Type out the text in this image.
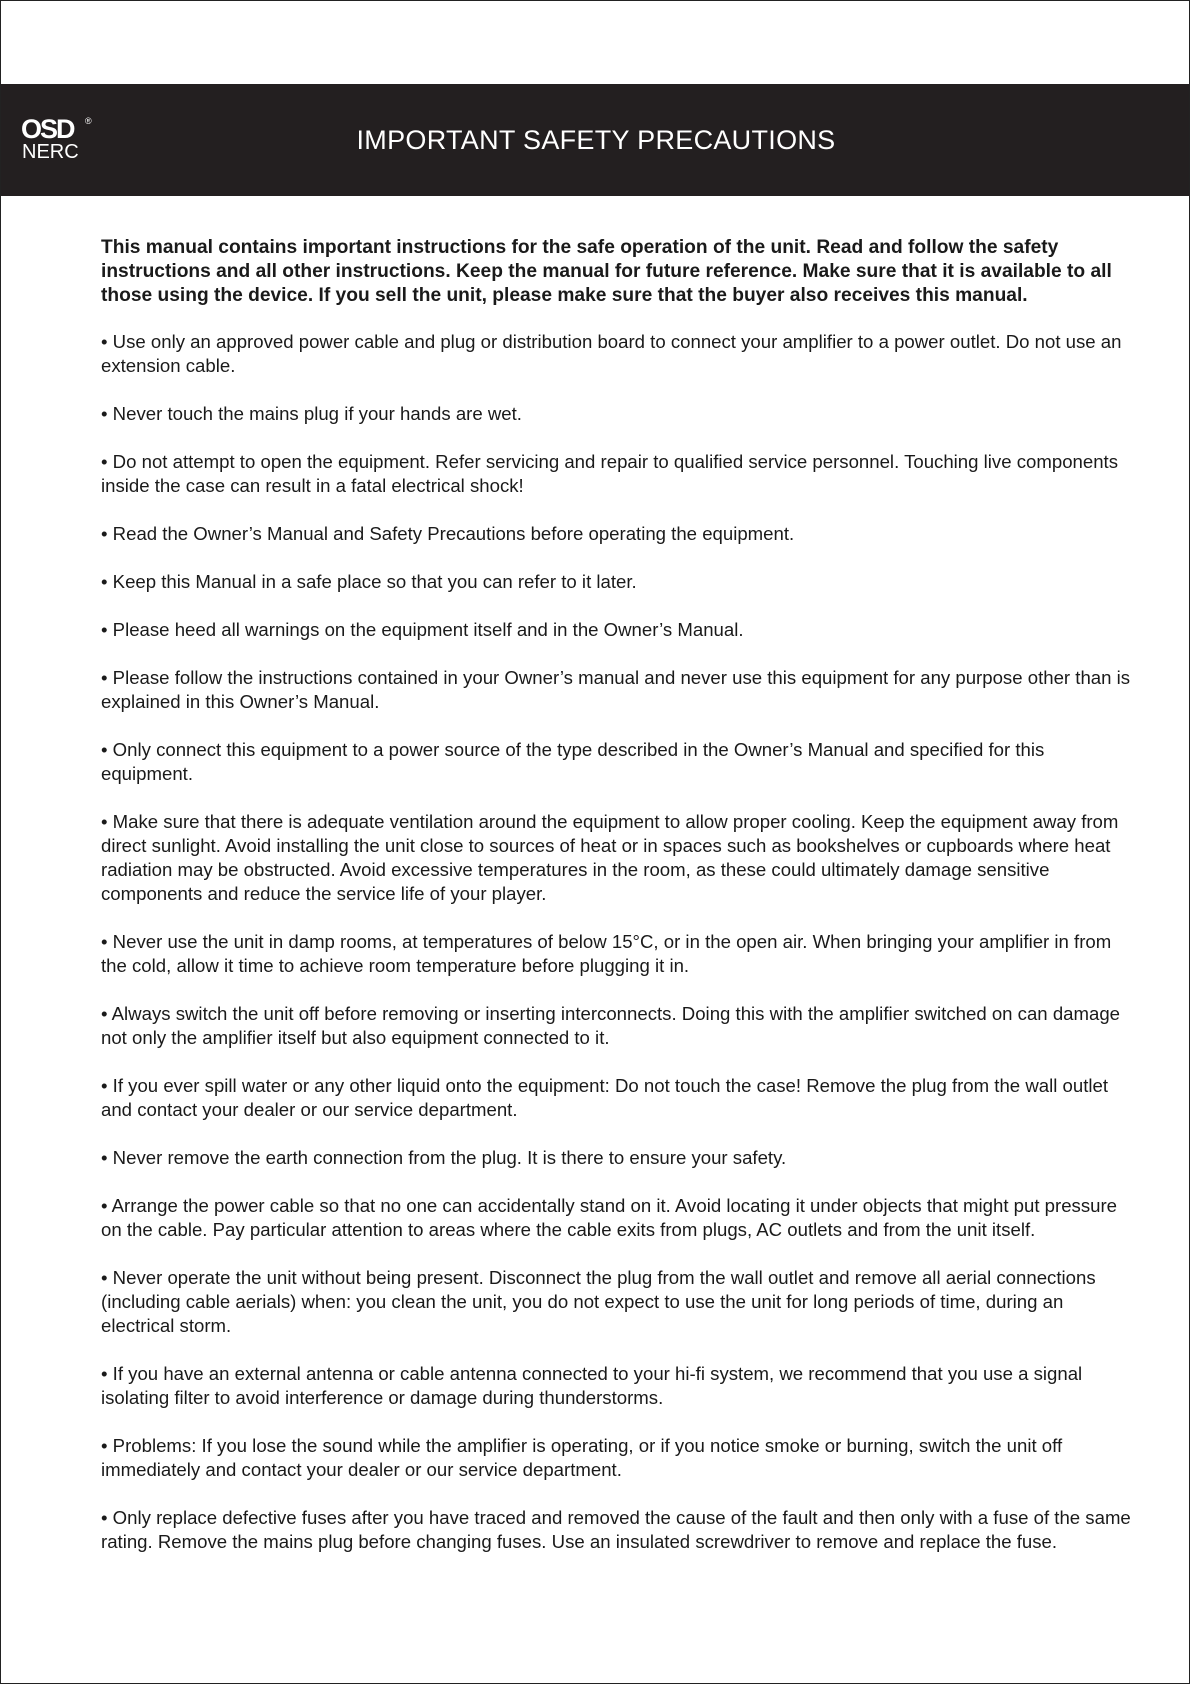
OSD ®
NERC	IMPORTANT SAFETY PRECAUTIONS

This manual contains important instructions for the safe operation of the unit. Read and follow the safety instructions and all other instructions. Keep the manual for future reference. Make sure that it is available to all those using the device. If you sell the unit, please make sure that the buyer also receives this manual.

• Use only an approved power cable and plug or distribution board to connect your amplifier to a power outlet. Do not use an extension cable.

• Never touch the mains plug if your hands are wet.

• Do not attempt to open the equipment. Refer servicing and repair to qualified service personnel. Touching live components inside the case can result in a fatal electrical shock!

• Read the Owner’s Manual and Safety Precautions before operating the equipment.

• Keep this Manual in a safe place so that you can refer to it later.

• Please heed all warnings on the equipment itself and in the Owner’s Manual.

• Please follow the instructions contained in your Owner’s manual and never use this equipment for any purpose other than is explained in this Owner’s Manual.

• Only connect this equipment to a power source of the type described in the Owner’s Manual and specified for this equipment.

• Make sure that there is adequate ventilation around the equipment to allow proper cooling. Keep the equipment away from direct sunlight. Avoid installing the unit close to sources of heat or in spaces such as bookshelves or cupboards where heat radiation may be obstructed. Avoid excessive temperatures in the room, as these could ultimately damage sensitive components and reduce the service life of your player.

• Never use the unit in damp rooms, at temperatures of below 15°C, or in the open air. When bringing your amplifier in from the cold, allow it time to achieve room temperature before plugging it in.

• Always switch the unit off before removing or inserting interconnects. Doing this with the amplifier switched on can damage not only the amplifier itself but also equipment connected to it.

• If you ever spill water or any other liquid onto the equipment: Do not touch the case! Remove the plug from the wall outlet and contact your dealer or our service department.

• Never remove the earth connection from the plug. It is there to ensure your safety.

• Arrange the power cable so that no one can accidentally stand on it. Avoid locating it under objects that might put pressure on the cable. Pay particular attention to areas where the cable exits from plugs, AC outlets and from the unit itself.

• Never operate the unit without being present. Disconnect the plug from the wall outlet and remove all aerial connections (including cable aerials) when: you clean the unit, you do not expect to use the unit for long periods of time, during an electrical storm.

• If you have an external antenna or cable antenna connected to your hi-fi system, we recommend that you use a signal isolating filter to avoid interference or damage during thunderstorms.

• Problems: If you lose the sound while the amplifier is operating, or if you notice smoke or burning, switch the unit off immediately and contact your dealer or our service department.

• Only replace defective fuses after you have traced and removed the cause of the fault and then only with a fuse of the same rating. Remove the mains plug before changing fuses. Use an insulated screwdriver to remove and replace the fuse.
